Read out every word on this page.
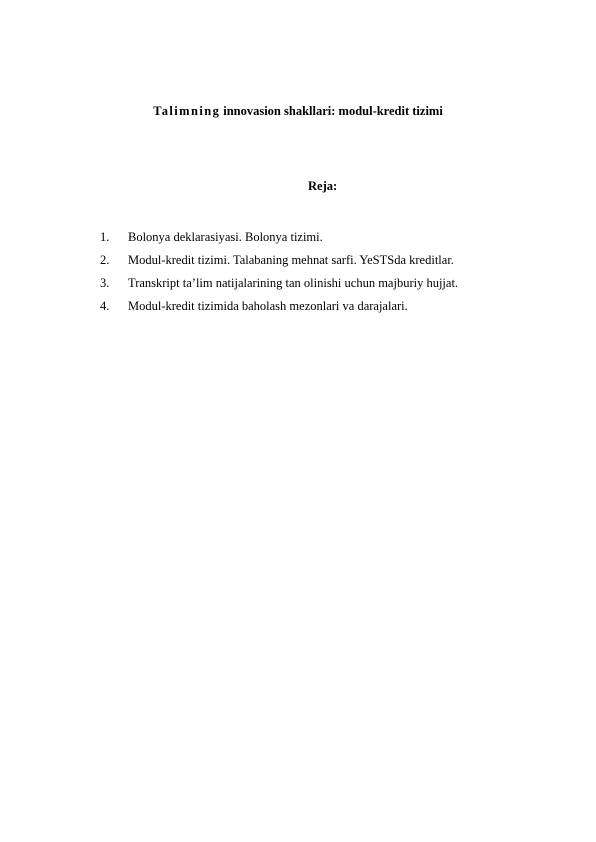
Talimning innovasion shakllari: modul-kredit tizimi
Reja:
1.	Bolonya deklarasiyasi. Bolonya tizimi.
2.	Modul-kredit tizimi. Talabaning mehnat sarfi. YeSTSda kreditlar.
3.	Transkript ta’lim natijalarining tan olinishi uchun majburiy hujjat.
4.	Modul-kredit tizimida baholash mezonlari va darajalari.
